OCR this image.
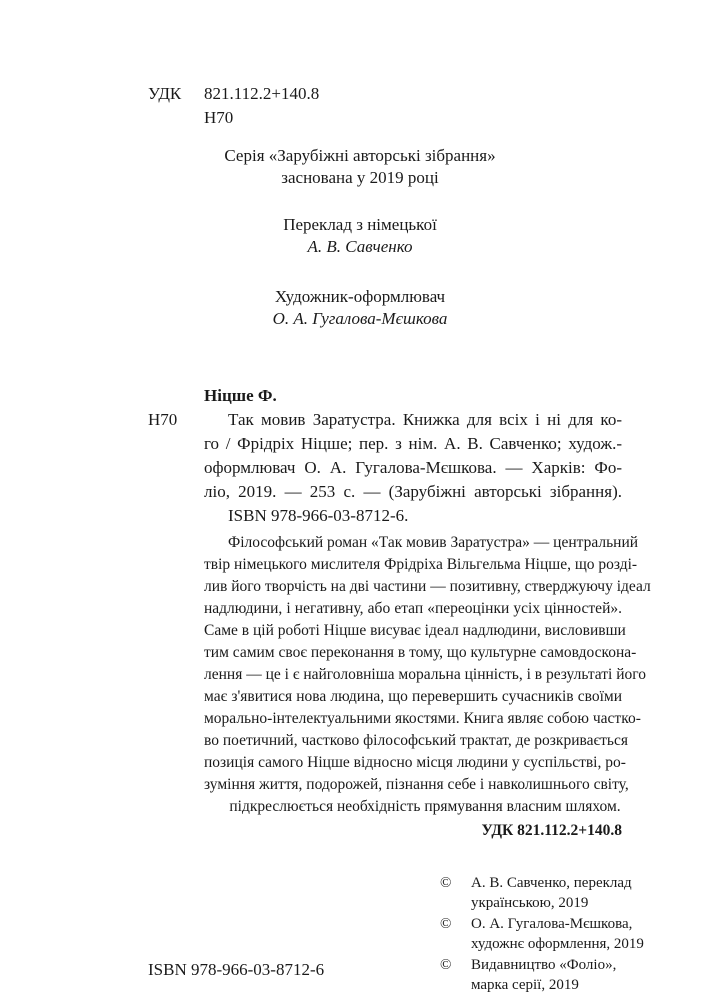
УДК 821.112.2+140.8
Н70
Серія «Зарубіжні авторські зібрання»
заснована у 2019 році
Переклад з німецької
А. В. Савченко
Художник-оформлювач
О. А. Гугалова-Мєшкова
Ніцше Ф.
Н70	Так мовив Заратустра. Книжка для всіх і ні для ко-
го / Фрідріх Ніцше; пер. з нім. А. В. Савченко; худож.-
оформлювач О. А. Гугалова-Мєшкова. — Харків: Фо-
ліо, 2019. — 253 с. — (Зарубіжні авторські зібрання).
ISBN 978-966-03-8712-6.
Філософський роман «Так мовив Заратустра» — центральний
твір німецького мислителя Фрідріха Вільгельма Ніцше, що розді-
лив його творчість на дві частини — позитивну, стверджуючу ідеал
надлюдини, і негативну, або етап «переоцінки усіх цінностей».
Саме в цій роботі Ніцше висуває ідеал надлюдини, висловивши
тим самим своє переконання в тому, що культурне самовдоскона-
лення — це і є найголовніша моральна цінність, і в результаті його
має з'явитися нова людина, що перевершить сучасників своїми
морально-інтелектуальними якостями. Книга являє собою частко-
во поетичний, частково філософський трактат, де розкривається
позиція самого Ніцше відносно місця людини у суспільстві, ро-
зуміння життя, подорожей, пізнання себе і навколишнього світу,
підкреслюється необхідність прямування власним шляхом.
УДК 821.112.2+140.8
© А. В. Савченко, переклад
українською, 2019
© О. А. Гугалова-Мєшкова,
художнє оформлення, 2019
© Видавництво «Фоліо»,
марка серії, 2019
ISBN 978-966-03-8712-6
